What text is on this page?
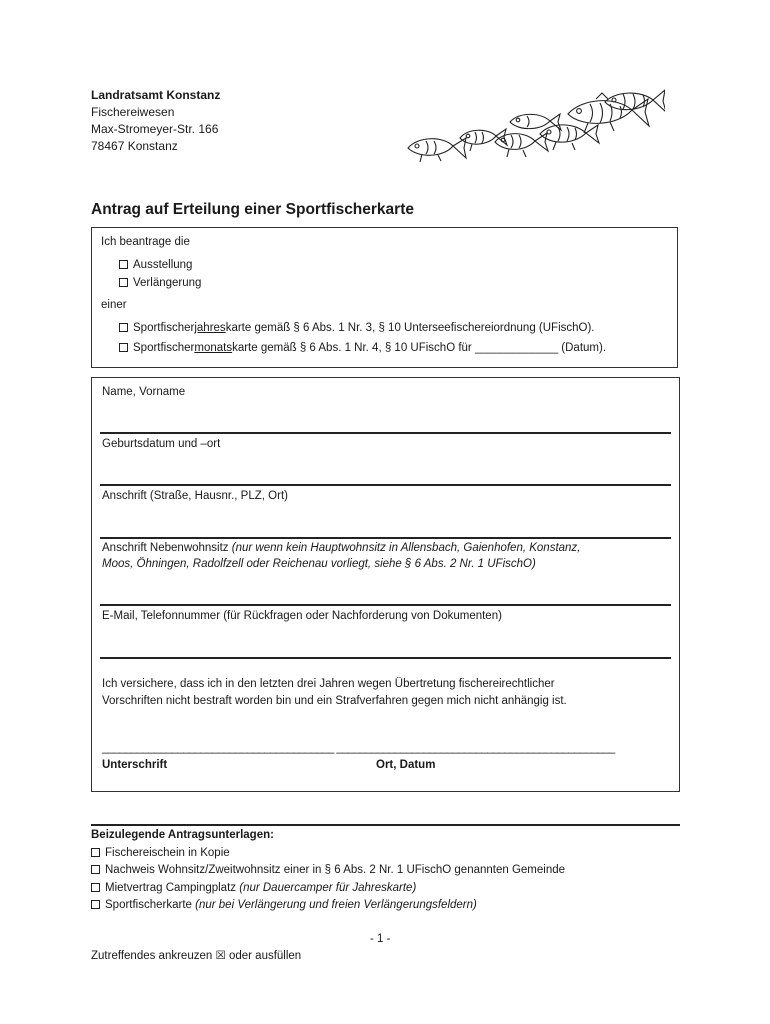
Landratsamt Konstanz
Fischereiwesen
Max-Stromeyer-Str. 166
78467 Konstanz
Antrag auf Erteilung einer Sportfischerkarte
Ich beantrage die
Ausstellung
Verlängerung
einer
Sportfischerjahreskarte gemäß § 6 Abs. 1 Nr. 3, § 10 Unterseefischereiordnung (UFischO).
Sportfischermonatskarte gemäß § 6 Abs. 1 Nr. 4, § 10 UFischO für _____________ (Datum).
Name, Vorname
Geburtsdatum und –ort
Anschrift (Straße, Hausnr., PLZ, Ort)
Anschrift Nebenwohnsitz (nur wenn kein Hauptwohnsitz in Allensbach, Gaienhofen, Konstanz,
Moos, Öhningen, Radolfzell oder Reichenau vorliegt, siehe § 6 Abs. 2 Nr. 1 UFischO)
E-Mail, Telefonnummer (für Rückfragen oder Nachforderung von Dokumenten)
Ich versichere, dass ich in den letzten drei Jahren wegen Übertretung fischereirechtlicher
Vorschriften nicht bestraft worden bin und ein Strafverfahren gegen mich nicht anhängig ist.
________________________________________ ________________________________________________
Unterschrift	Ort, Datum
Beizulegende Antragsunterlagen:
Fischereischein in Kopie
Nachweis Wohnsitz/Zweitwohnsitz einer in § 6 Abs. 2 Nr. 1 UFischO genannten Gemeinde
Mietvertrag Campingplatz (nur Dauercamper für Jahreskarte)
Sportfischerkarte (nur bei Verlängerung und freien Verlängerungsfeldern)
- 1 -
Zutreffendes ankreuzen ☒ oder ausfüllen
